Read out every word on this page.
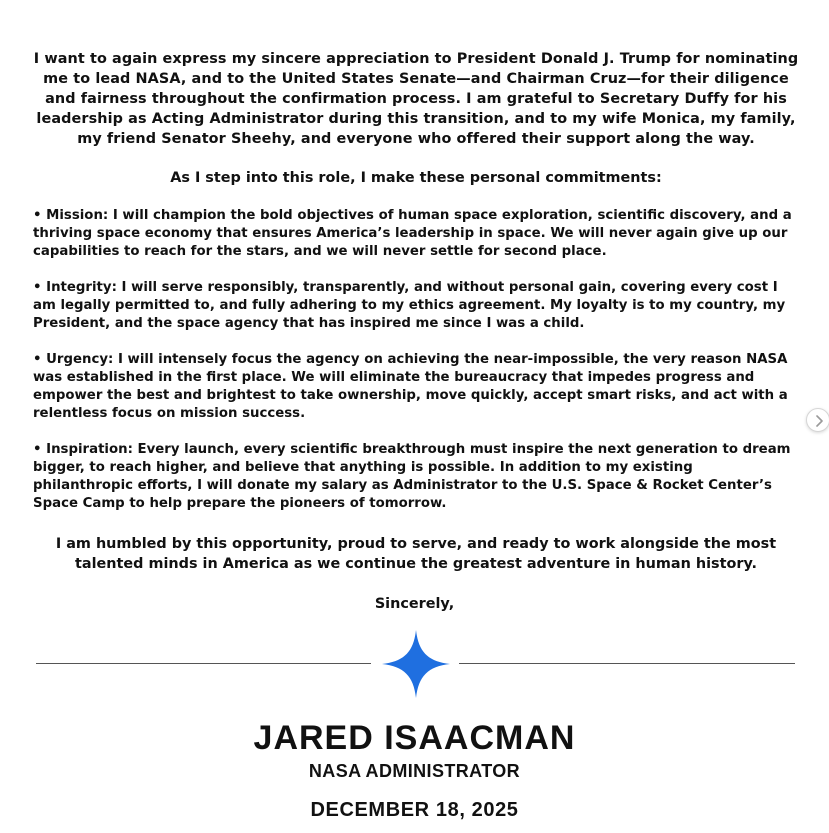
I want to again express my sincere appreciation to President Donald J. Trump for nominating me to lead NASA, and to the United States Senate—and Chairman Cruz—for their diligence and fairness throughout the confirmation process. I am grateful to Secretary Duffy for his leadership as Acting Administrator during this transition, and to my wife Monica, my family, my friend Senator Sheehy, and everyone who offered their support along the way.

As I step into this role, I make these personal commitments:

• Mission: I will champion the bold objectives of human space exploration, scientific discovery, and a thriving space economy that ensures America’s leadership in space. We will never again give up our capabilities to reach for the stars, and we will never settle for second place.

• Integrity: I will serve responsibly, transparently, and without personal gain, covering every cost I am legally permitted to, and fully adhering to my ethics agreement. My loyalty is to my country, my President, and the space agency that has inspired me since I was a child.

• Urgency: I will intensely focus the agency on achieving the near-impossible, the very reason NASA was established in the first place. We will eliminate the bureaucracy that impedes progress and empower the best and brightest to take ownership, move quickly, accept smart risks, and act with a relentless focus on mission success.

• Inspiration: Every launch, every scientific breakthrough must inspire the next generation to dream bigger, to reach higher, and believe that anything is possible. In addition to my existing philanthropic efforts, I will donate my salary as Administrator to the U.S. Space & Rocket Center’s Space Camp to help prepare the pioneers of tomorrow.

I am humbled by this opportunity, proud to serve, and ready to work alongside the most talented minds in America as we continue the greatest adventure in human history.

Sincerely,

JARED ISAACMAN

NASA ADMINISTRATOR

DECEMBER 18, 2025
